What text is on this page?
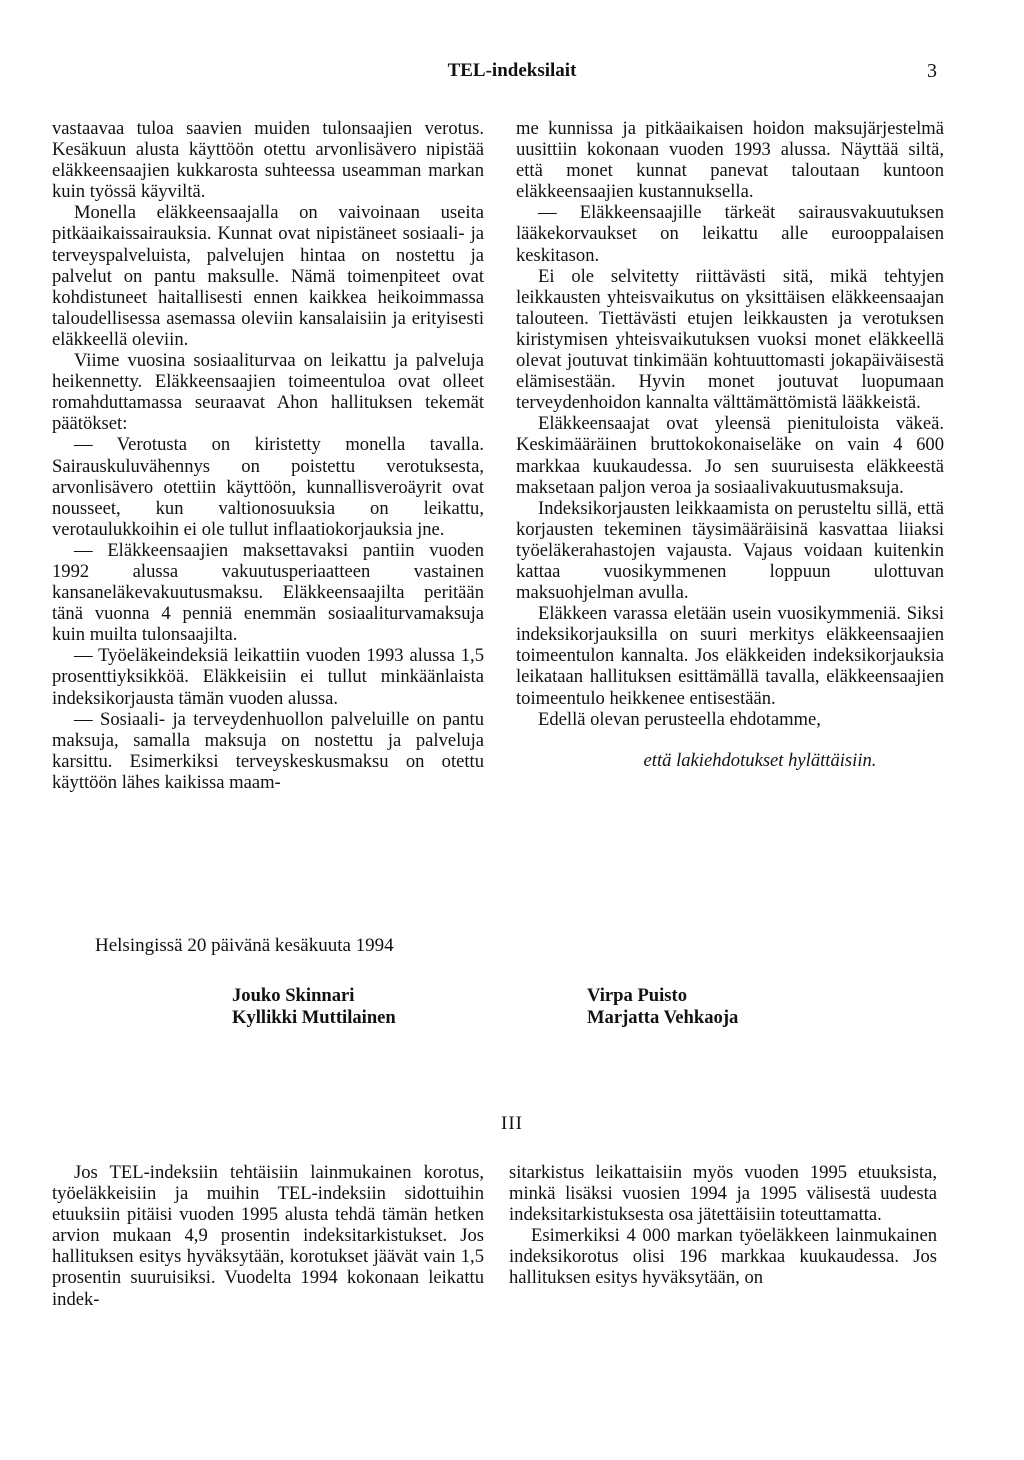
TEL-indeksilait	3

vastaavaa tuloa saavien muiden tulonsaajien verotus. Kesäkuun alusta käyttöön otettu arvonlisävero nipistää eläkkeensaajien kukkarosta suhteessa useamman markan kuin työssä käyviltä.

Monella eläkkeensaajalla on vaivoinaan useita pitkäaikaissairauksia. Kunnat ovat nipistäneet sosiaali- ja terveyspalveluista, palvelujen hintaa on nostettu ja palvelut on pantu maksulle. Nämä toimenpiteet ovat kohdistuneet haitallisesti ennen kaikkea heikoimmassa taloudellisessa asemassa oleviin kansalaisiin ja erityisesti eläkkeellä oleviin.

Viime vuosina sosiaaliturvaa on leikattu ja palveluja heikennetty. Eläkkeensaajien toimeentuloa ovat olleet romahduttamassa seuraavat Ahon hallituksen tekemät päätökset:

— Verotusta on kiristetty monella tavalla. Sairauskuluvähennys on poistettu verotuksesta, arvonlisävero otettiin käyttöön, kunnallisveroäyrit ovat nousseet, kun valtionosuuksia on leikattu, verotaulukkoihin ei ole tullut inflaatiokorjauksia jne.

— Eläkkeensaajien maksettavaksi pantiin vuoden 1992 alussa vakuutusperiaatteen vastainen kansaneläkevakuutusmaksu. Eläkkeensaajilta peritään tänä vuonna 4 penniä enemmän sosiaaliturvamaksuja kuin muilta tulonsaajilta.

— Työeläkeindeksiä leikattiin vuoden 1993 alussa 1,5 prosenttiyksikköä. Eläkkeisiin ei tullut minkäänlaista indeksikorjausta tämän vuoden alussa.

— Sosiaali- ja terveydenhuollon palveluille on pantu maksuja, samalla maksuja on nostettu ja palveluja karsittu. Esimerkiksi terveyskeskusmaksu on otettu käyttöön lähes kaikissa maam-

me kunnissa ja pitkäaikaisen hoidon maksujärjestelmä uusittiin kokonaan vuoden 1993 alussa. Näyttää siltä, että monet kunnat panevat taloutaan kuntoon eläkkeensaajien kustannuksella.

— Eläkkeensaajille tärkeät sairausvakuutuksen lääkekorvaukset on leikattu alle eurooppalaisen keskitason.

Ei ole selvitetty riittävästi sitä, mikä tehtyjen leikkausten yhteisvaikutus on yksittäisen eläkkeensaajan talouteen. Tiettävästi etujen leikkausten ja verotuksen kiristymisen yhteisvaikutuksen vuoksi monet eläkkeellä olevat joutuvat tinkimään kohtuuttomasti jokapäiväisestä elämisestään. Hyvin monet joutuvat luopumaan terveydenhoidon kannalta välttämättömistä lääkkeistä.

Eläkkeensaajat ovat yleensä pienituloista väkeä. Keskimääräinen bruttokokonaiseläke on vain 4 600 markkaa kuukaudessa. Jo sen suuruisesta eläkkeestä maksetaan paljon veroa ja sosiaalivakuutusmaksuja.

Indeksikorjausten leikkaamista on perusteltu sillä, että korjausten tekeminen täysimääräisinä kasvattaa liiaksi työeläkerahastojen vajausta. Vajaus voidaan kuitenkin kattaa vuosikymmenen loppuun ulottuvan maksuohjelman avulla.

Eläkkeen varassa eletään usein vuosikymmeniä. Siksi indeksikorjauksilla on suuri merkitys eläkkeensaajien toimeentulon kannalta. Jos eläkkeiden indeksikorjauksia leikataan hallituksen esittämällä tavalla, eläkkeensaajien toimeentulo heikkenee entisestään.

Edellä olevan perusteella ehdotamme,

että lakiehdotukset hylättäisiin.

Helsingissä 20 päivänä kesäkuuta 1994
Jouko Skinnari
Kyllikki Muttilainen
Virpa Puisto
Marjatta Vehkaoja
III

Jos TEL-indeksiin tehtäisiin lainmukainen korotus, työeläkkeisiin ja muihin TEL-indeksiin sidottuihin etuuksiin pitäisi vuoden 1995 alusta tehdä tämän hetken arvion mukaan 4,9 prosentin indeksitarkistukset. Jos hallituksen esitys hyväksytään, korotukset jäävät vain 1,5 prosentin suuruisiksi. Vuodelta 1994 kokonaan leikattu indek-

sitarkistus leikattaisiin myös vuoden 1995 etuuksista, minkä lisäksi vuosien 1994 ja 1995 välisestä uudesta indeksitarkistuksesta osa jätettäisiin toteuttamatta.

Esimerkiksi 4 000 markan työeläkkeen lainmukainen indeksikorotus olisi 196 markkaa kuukaudessa. Jos hallituksen esitys hyväksytään, on
